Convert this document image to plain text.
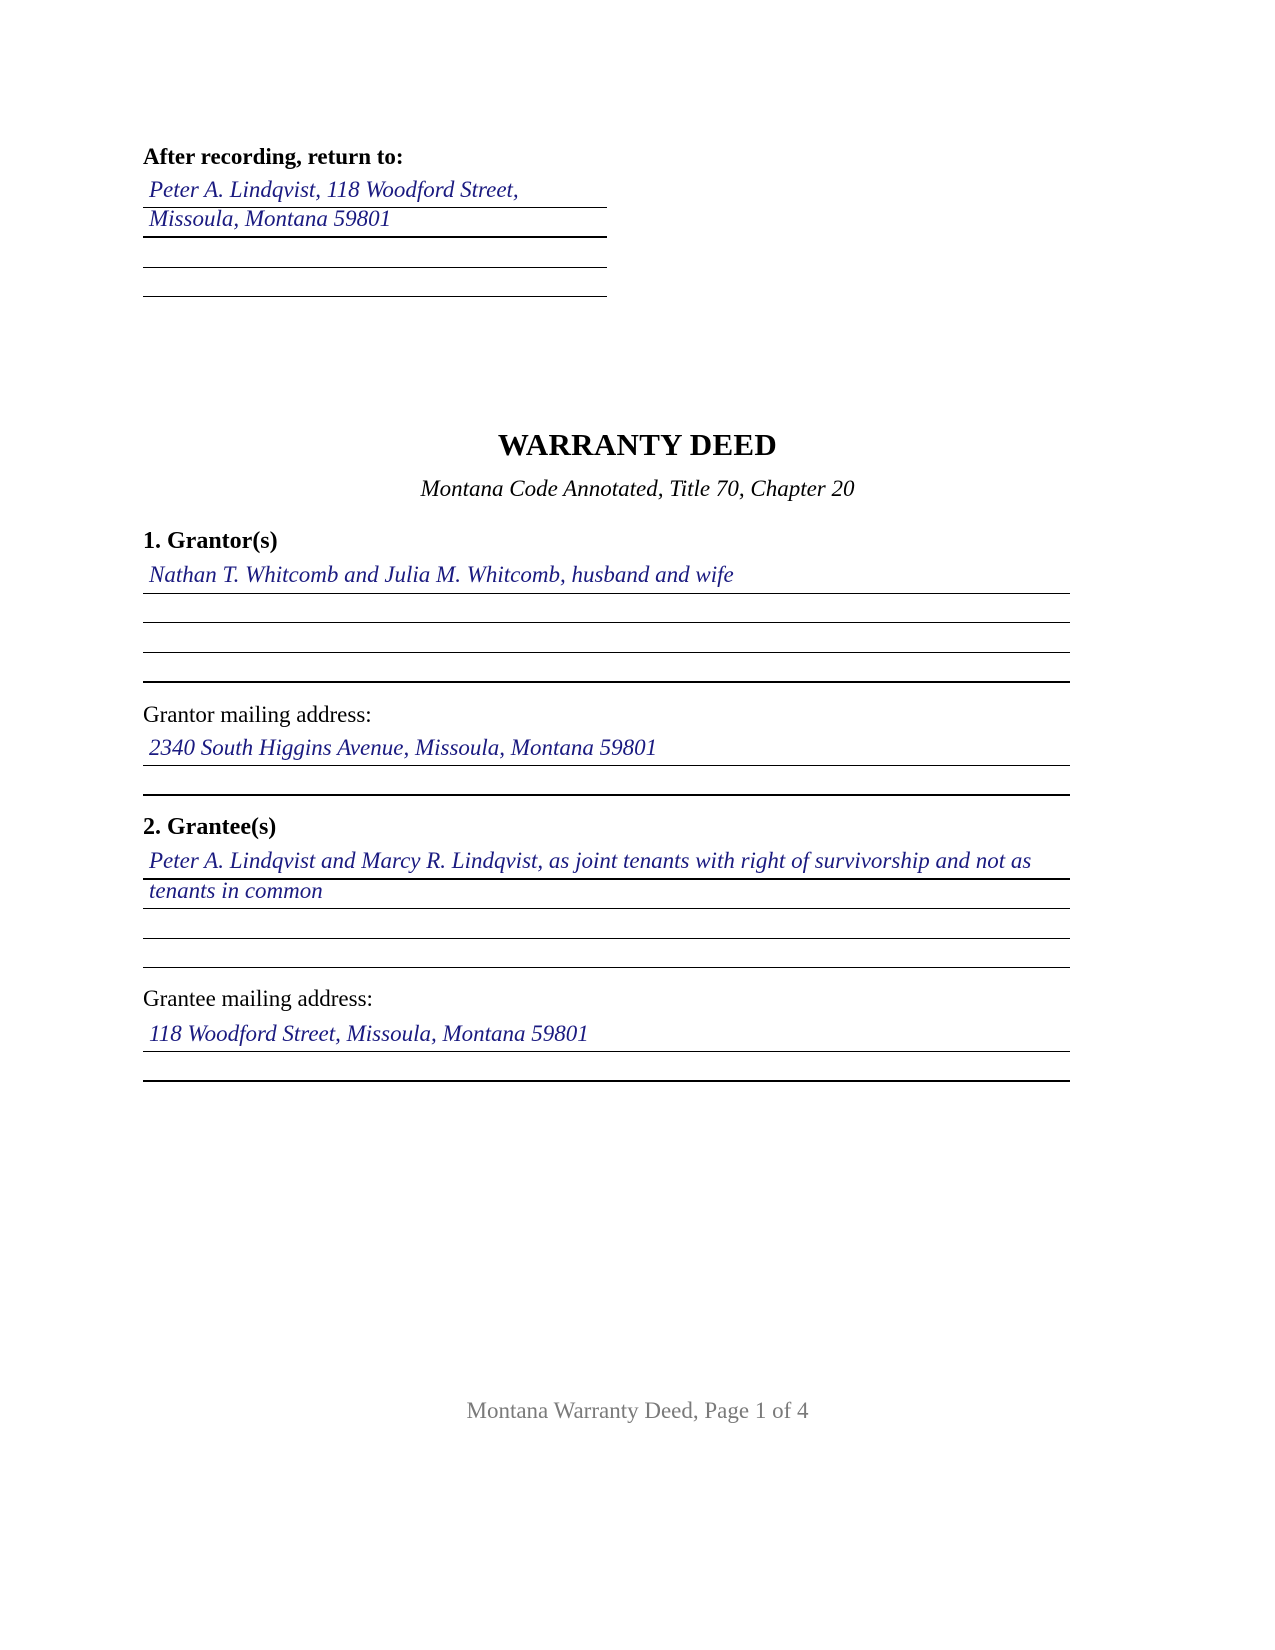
After recording, return to:
Peter A. Lindqvist, 118 Woodford Street,
Missoula, Montana 59801
WARRANTY DEED
Montana Code Annotated, Title 70, Chapter 20
1. Grantor(s)
Nathan T. Whitcomb and Julia M. Whitcomb, husband and wife
Grantor mailing address:
2340 South Higgins Avenue, Missoula, Montana 59801
2. Grantee(s)
Peter A. Lindqvist and Marcy R. Lindqvist, as joint tenants with right of survivorship and not as
tenants in common
Grantee mailing address:
118 Woodford Street, Missoula, Montana 59801
Montana Warranty Deed, Page 1 of 4
